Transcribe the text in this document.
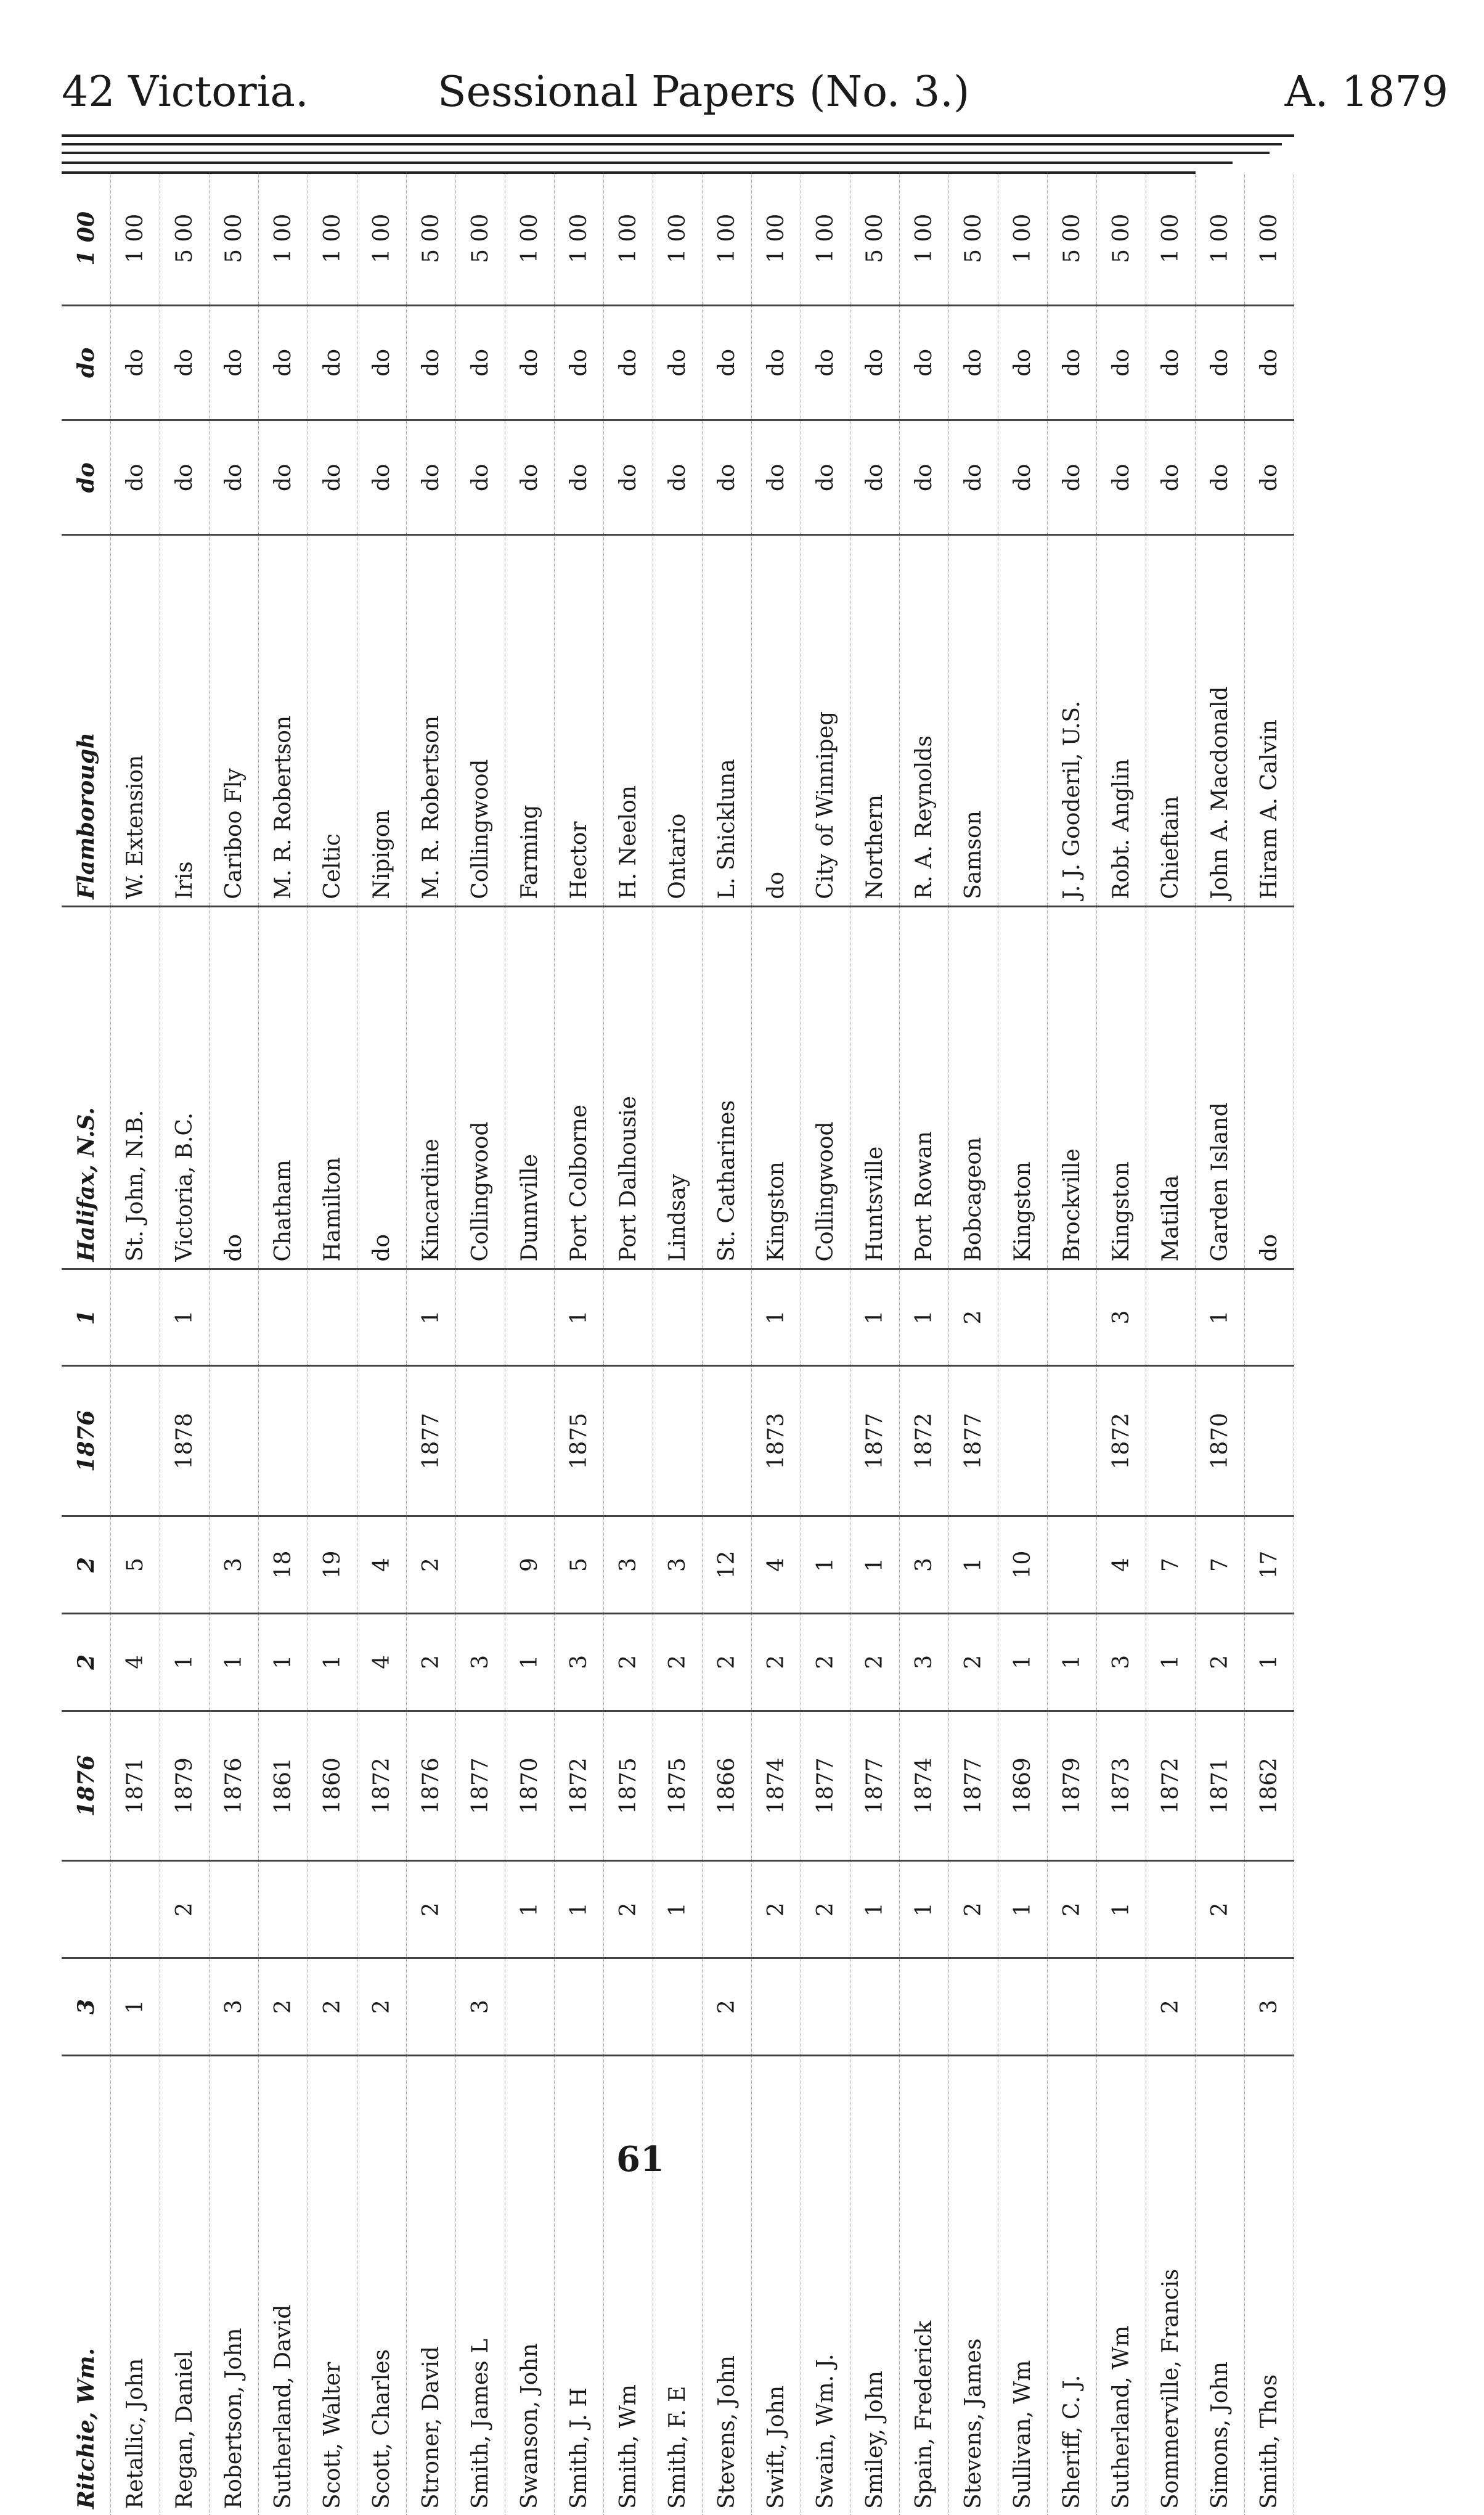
42 Victoria.	Sessional Papers (No. 3.)	A. 1879
Ritchie, Wm.	3		1876	2	2	1876	1	Halifax, N.S.	Flamborough	do	do	1 00
Retallic, John	1		1871	4	5			St. John, N.B.	W. Extension	do	do	1 00
Regan, Daniel		2	1879	1		1878	1	Victoria, B.C.	Iris	do	do	5 00
Robertson, John	3		1876	1	3			do	Cariboo Fly	do	do	5 00
Sutherland, David	2		1861	1	18			Chatham	M. R. Robertson	do	do	1 00
Scott, Walter	2		1860	1	19			Hamilton	Celtic	do	do	1 00
Scott, Charles	2		1872	4	4			do	Nipigon	do	do	1 00
Stroner, David		2	1876	2	2	1877	1	Kincardine	M. R. Robertson	do	do	5 00
Smith, James L	3		1877	3				Collingwood	Collingwood	do	do	5 00
Swanson, John		1	1870	1	9			Dunnville	Farming	do	do	1 00
Smith, J. H		1	1872	3	5	1875	1	Port Colborne	Hector	do	do	1 00
Smith, Wm		2	1875	2	3			Port Dalhousie	H. Neelon	do	do	1 00
Smith, F. E		1	1875	2	3			Lindsay	Ontario	do	do	1 00
Stevens, John	2		1866	2	12			St. Catharines	L. Shickluna	do	do	1 00
Swift, John		2	1874	2	4	1873	1	Kingston	do	do	do	1 00
Swain, Wm. J.		2	1877	2	1			Collingwood	City of Winnipeg	do	do	1 00
Smiley, John		1	1877	2	1	1877	1	Huntsville	Northern	do	do	5 00
Spain, Frederick		1	1874	3	3	1872	1	Port Rowan	R. A. Reynolds	do	do	1 00
Stevens, James		2	1877	2	1	1877	2	Bobcageon	Samson	do	do	5 00
Sullivan, Wm		1	1869	1	10			Kingston		do	do	1 00
Sheriff, C. J.		2	1879	1				Brockville	J. J. Gooderil, U.S.	do	do	5 00
Sutherland, Wm		1	1873	3	4	1872	3	Kingston	Robt. Anglin	do	do	5 00
Sommerville, Francis	2		1872	1	7			Matilda	Chieftain	do	do	1 00
Simons, John		2	1871	2	7	1870	1	Garden Island	John A. Macdonald	do	do	1 00
Smith, Thos	3		1862	1	17			do	Hiram A. Calvin	do	do	1 00
61
